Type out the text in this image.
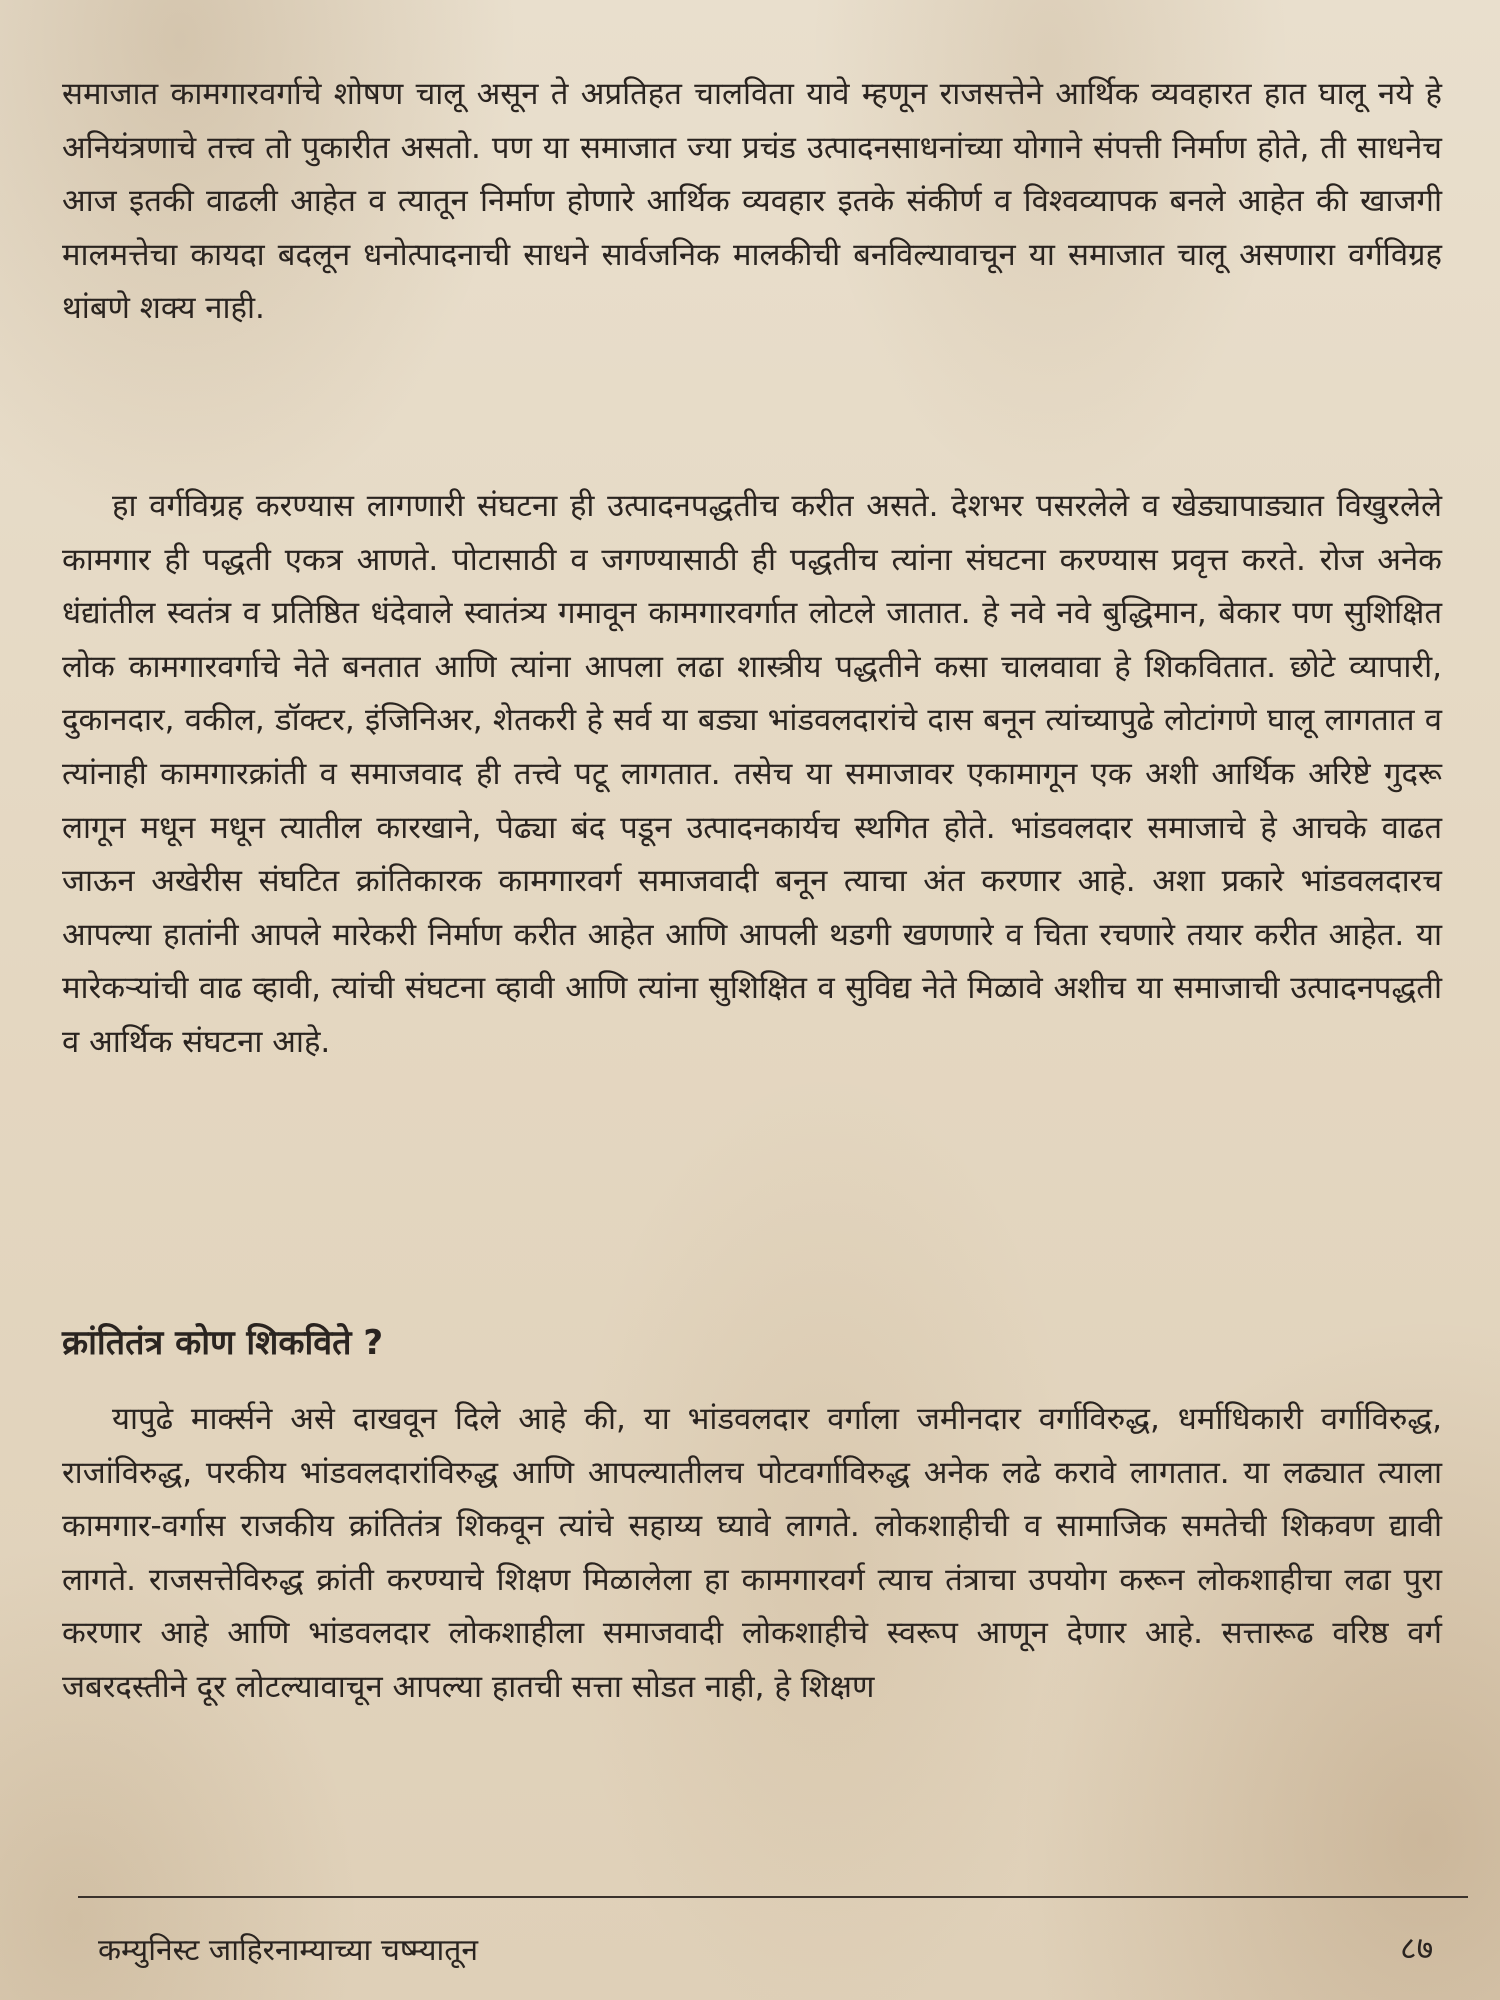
समाजात कामगारवर्गाचे शोषण चालू असून ते अप्रतिहत चालविता यावे म्हणून राजसत्तेने आर्थिक व्यवहारत हात घालू नये हे अनियंत्रणाचे तत्त्व तो पुकारीत असतो. पण या समाजात ज्या प्रचंड उत्पादनसाधनांच्या योगाने संपत्ती निर्माण होते, ती साधनेच आज इतकी वाढली आहेत व त्यातून निर्माण होणारे आर्थिक व्यवहार इतके संकीर्ण व विश्वव्यापक बनले आहेत की खाजगी मालमत्तेचा कायदा बदलून धनोत्पादनाची साधने सार्वजनिक मालकीची बनविल्यावाचून या समाजात चालू असणारा वर्गविग्रह थांबणे शक्य नाही.

हा वर्गविग्रह करण्यास लागणारी संघटना ही उत्पादनपद्धतीच करीत असते. देशभर पसरलेले व खेड्यापाड्यात विखुरलेले कामगार ही पद्धती एकत्र आणते. पोटासाठी व जगण्यासाठी ही पद्धतीच त्यांना संघटना करण्यास प्रवृत्त करते. रोज अनेक धंद्यांतील स्वतंत्र व प्रतिष्ठित धंदेवाले स्वातंत्र्य गमावून कामगारवर्गात लोटले जातात. हे नवे नवे बुद्धिमान, बेकार पण सुशिक्षित लोक कामगारवर्गाचे नेते बनतात आणि त्यांना आपला लढा शास्त्रीय पद्धतीने कसा चालवावा हे शिकवितात. छोटे व्यापारी, दुकानदार, वकील, डॉक्टर, इंजिनिअर, शेतकरी हे सर्व या बड्या भांडवलदारांचे दास बनून त्यांच्यापुढे लोटांगणे घालू लागतात व त्यांनाही कामगारक्रांती व समाजवाद ही तत्त्वे पटू लागतात. तसेच या समाजावर एकामागून एक अशी आर्थिक अरिष्टे गुदरू लागून मधून मधून त्यातील कारखाने, पेढ्या बंद पडून उत्पादनकार्यच स्थगित होते. भांडवलदार समाजाचे हे आचके वाढत जाऊन अखेरीस संघटित क्रांतिकारक कामगारवर्ग समाजवादी बनून त्याचा अंत करणार आहे. अशा प्रकारे भांडवलदारच आपल्या हातांनी आपले मारेकरी निर्माण करीत आहेत आणि आपली थडगी खणणारे व चिता रचणारे तयार करीत आहेत. या मारेकऱ्यांची वाढ व्हावी, त्यांची संघटना व्हावी आणि त्यांना सुशिक्षित व सुविद्य नेते मिळावे अशीच या समाजाची उत्पादनपद्धती व आर्थिक संघटना आहे.

क्रांतितंत्र कोण शिकविते ?

यापुढे मार्क्सने असे दाखवून दिले आहे की, या भांडवलदार वर्गाला जमीनदार वर्गाविरुद्ध, धर्माधिकारी वर्गाविरुद्ध, राजांविरुद्ध, परकीय भांडवलदारांविरुद्ध आणि आपल्यातीलच पोटवर्गाविरुद्ध अनेक लढे करावे लागतात. या लढ्यात त्याला कामगार-वर्गास राजकीय क्रांतितंत्र शिकवून त्यांचे सहाय्य घ्यावे लागते. लोकशाहीची व सामाजिक समतेची शिकवण द्यावी लागते. राजसत्तेविरुद्ध क्रांती करण्याचे शिक्षण मिळालेला हा कामगारवर्ग त्याच तंत्राचा उपयोग करून लोकशाहीचा लढा पुरा करणार आहे आणि भांडवलदार लोकशाहीला समाजवादी लोकशाहीचे स्वरूप आणून देणार आहे. सत्तारूढ वरिष्ठ वर्ग जबरदस्तीने दूर लोटल्यावाचून आपल्या हातची सत्ता सोडत नाही, हे शिक्षण

कम्युनिस्ट जाहिरनाम्याच्या चष्म्यातून	८७
